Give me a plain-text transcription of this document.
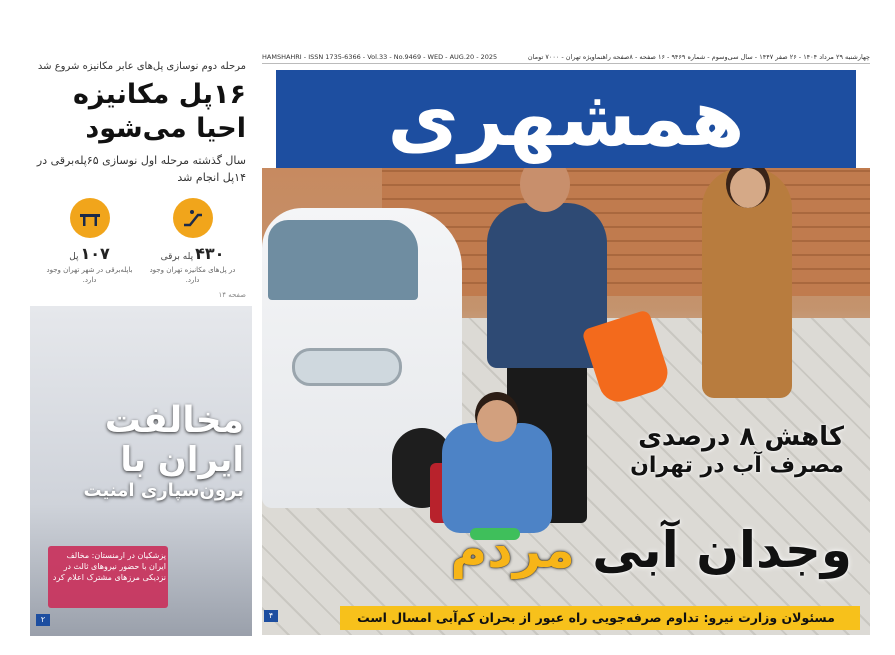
مرحله دوم نوسازی پل‌های عابر مکانیزه شروع شد
۱۶پل مکانیزه
احیا می‌شود
سال گذشته مرحله اول نوسازی ۶۵پله‌برقی در ۱۴پل انجام شد
۴۳۰پله برقی
در پل‌های مکانیزه تهران وجود دارد.
۱۰۷پل
باپله‌برقی در شهر تهران وجود دارد.
صفحه ۱۴
مخالفت
ایران با
برون‌سپاری امنیت
پزشکیان در ارمنستان: مخالف ایران با حضور نیروهای ثالث در نزدیکی مرزهای مشترک اعلام کرد
۲
HAMSHAHRI - ISSN 1735-6366 - Vol.33 - No.9469 - WED - AUG.20 - 2025	چهارشنبه ۲۹ مرداد ۱۴۰۴ - ۲۶ صفر ۱۴۴۷ - سال سی‌وسوم - شماره ۹۴۶۹ - ۱۶ صفحه - ۸صفحه راهنما‌ویژه تهران - ۷۰۰۰ تومان
همشهری
کاهش ۸ درصدی
مصرف آب در تهران
وجدان آبی مردم
مسئولان وزارت نیرو: تداوم صرفه‌جویی راه عبور از بحران کم‌آبی امسال است
۴
